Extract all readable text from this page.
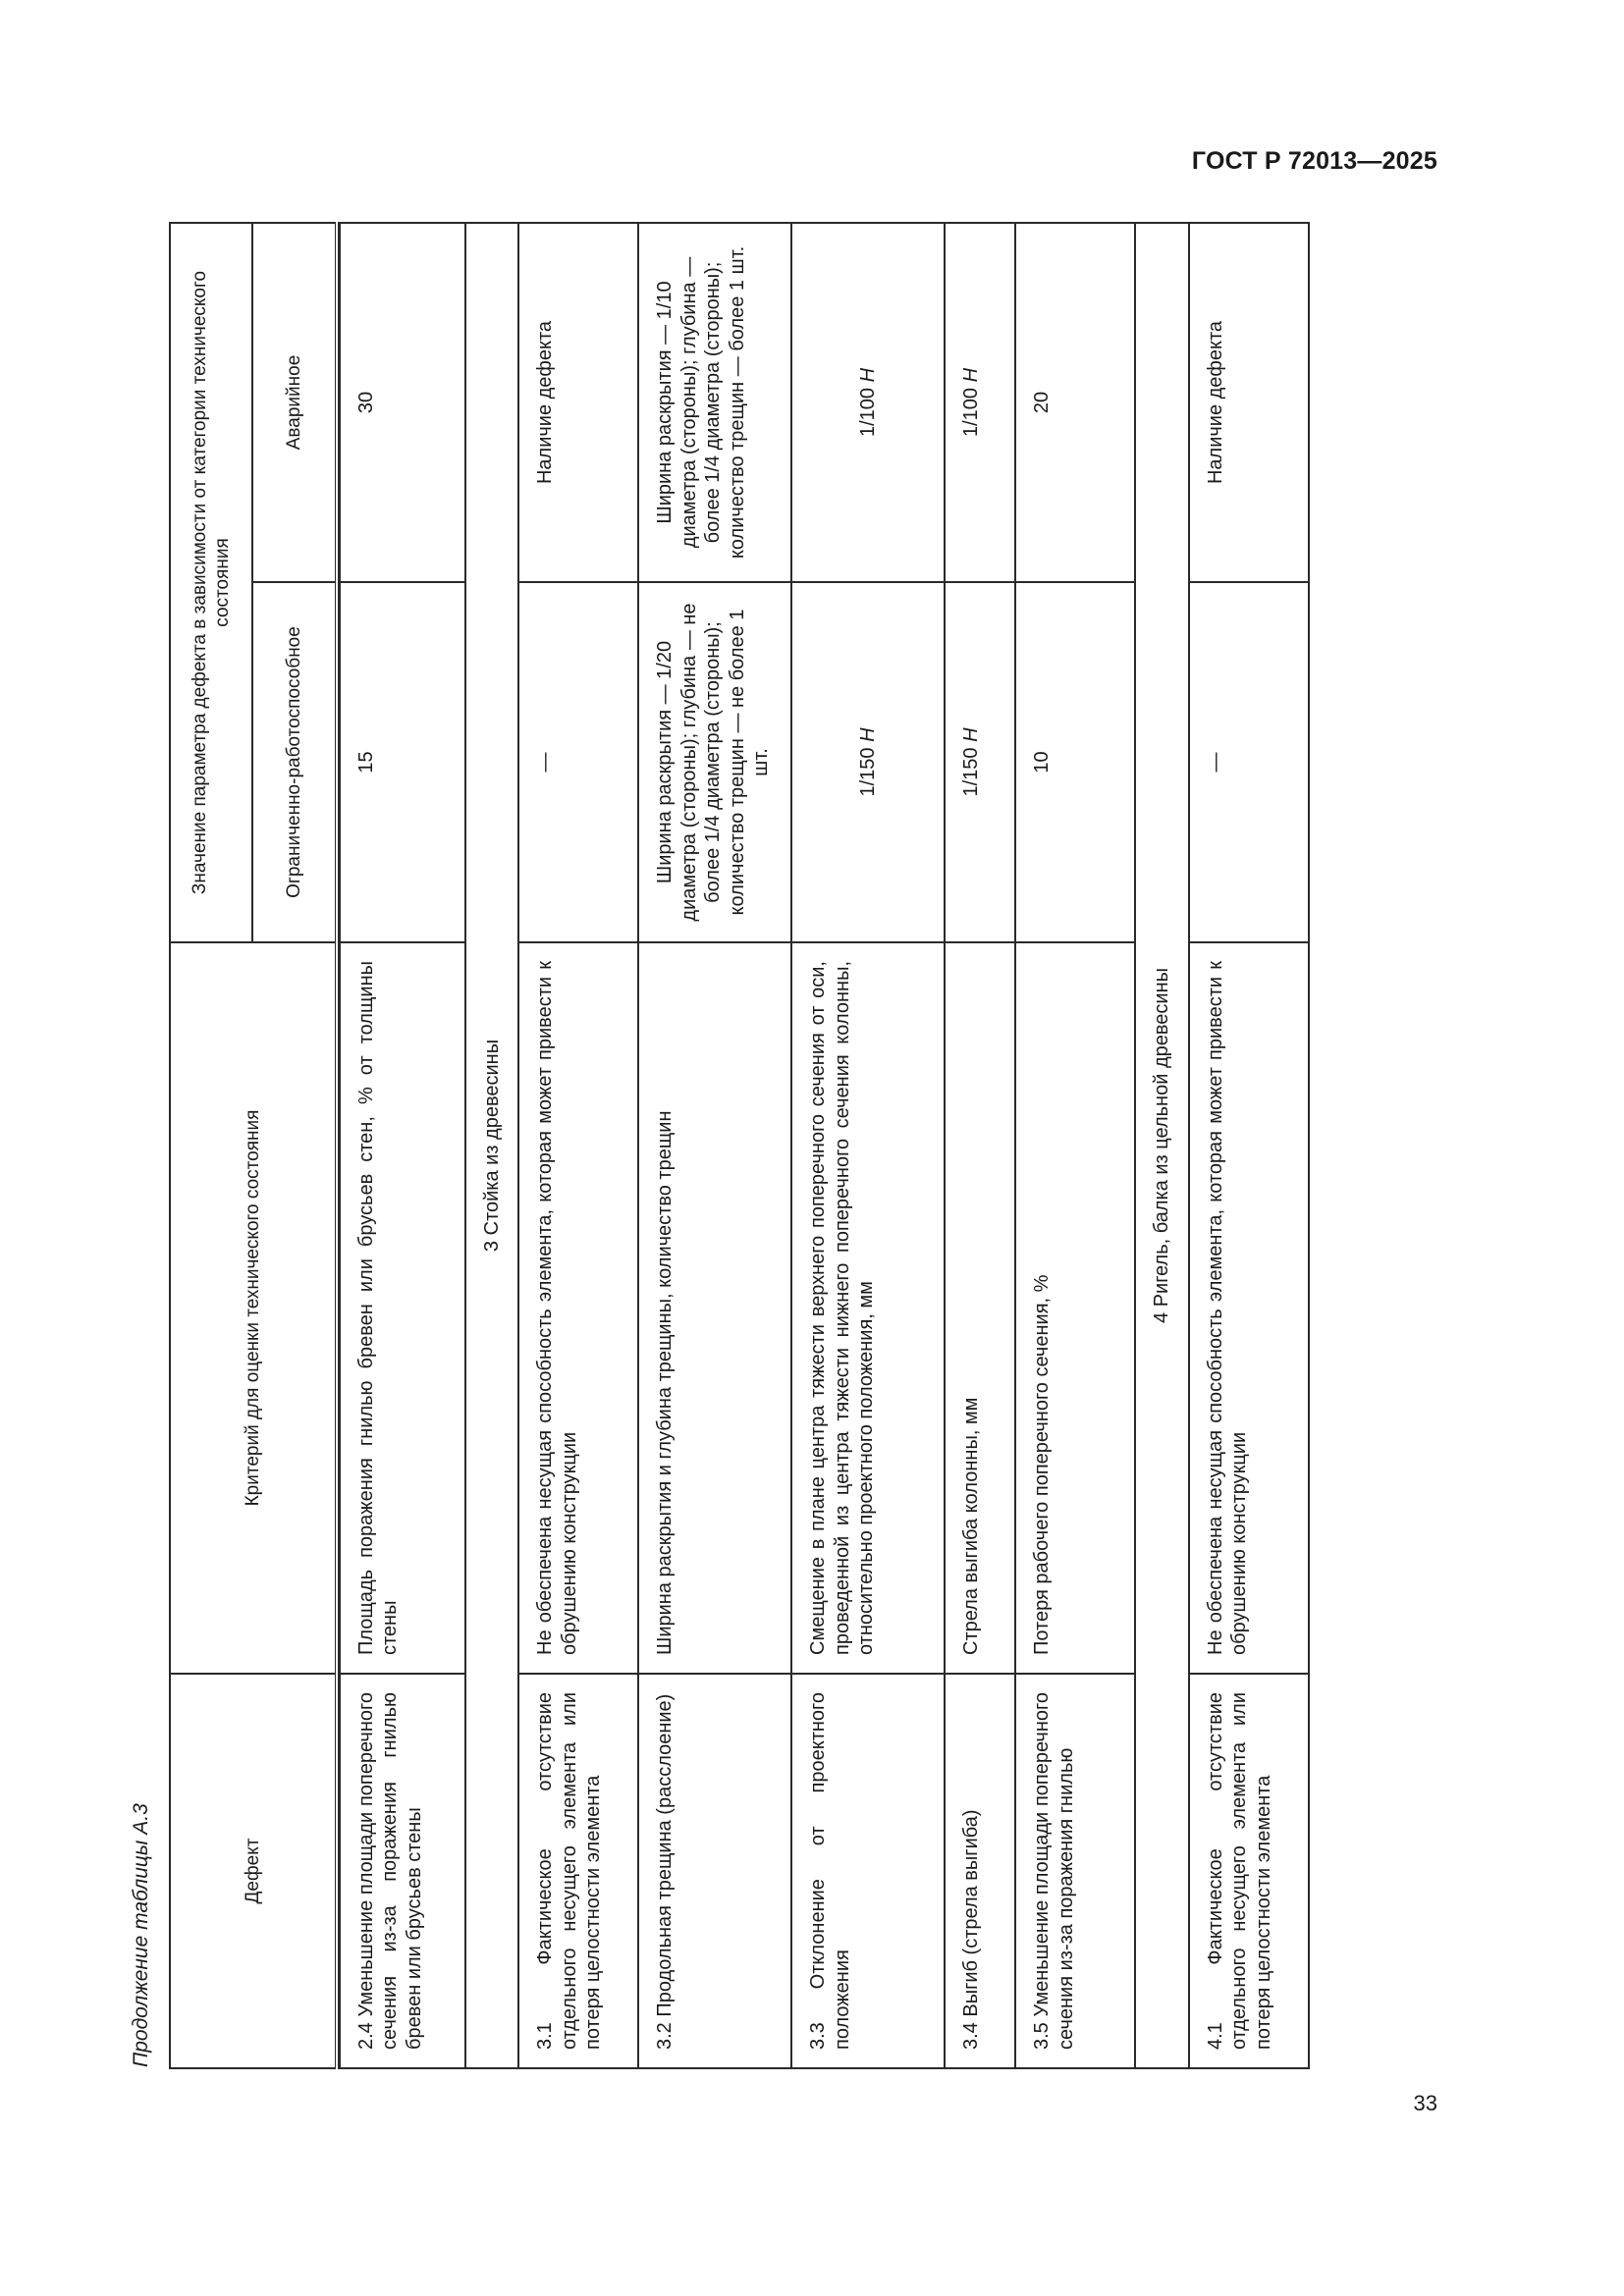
ГОСТ Р 72013—2025
Продолжение таблицы А.3	Дефект	Критерий для оценки технического состояния	Значение параметра дефекта в зависимости от категории технического состояния	
		Ограниченно-работоспособное	Аварийное

2.4 Уменьшение площади поперечного сечения из-за поражения гнилью бревен или брусьев стены	Площадь поражения гнилью бревен или брусьев стен, % от толщины стены	15	30
3 Стойка из древесины			
3.1 Фактическое отсутствие отдельного несущего элемента или потеря целостности элемента	Не обеспечена несущая способность элемента, которая может привести к обрушению конструкции	—	Наличие дефекта
3.2 Продольная трещина (расслоение)	Ширина раскрытия и глубина трещины, количество трещин	Ширина раскрытия — 1/20 диаметра (стороны); глубина — не более 1/4 диаметра (стороны); количество трещин — не более 1 шт.	Ширина раскрытия — 1/10 диаметра (стороны); глубина — более 1/4 диаметра (стороны); количество трещин — более 1 шт.
3.3 Отклонение от проектного положения	Смещение в плане центра тяжести верхнего поперечного сечения от оси, проведенной из центра тяжести нижнего поперечного сечения колонны, относительно проектного положения, мм	1/150 H	1/100 H
3.4 Выгиб (стрела выгиба)	Стрела выгиба колонны, мм	1/150 H	1/100 H
3.5 Уменьшение площади поперечного сечения из-за поражения гнилью	Потеря рабочего поперечного сечения, %	10	20
4 Ригель, балка из цельной древесины			
4.1 Фактическое отсутствие отдельного несущего элемента или потеря целостности элемента	Не обеспечена несущая способность элемента, которая может привести к обрушению конструкции	—	Наличие дефекта
33
